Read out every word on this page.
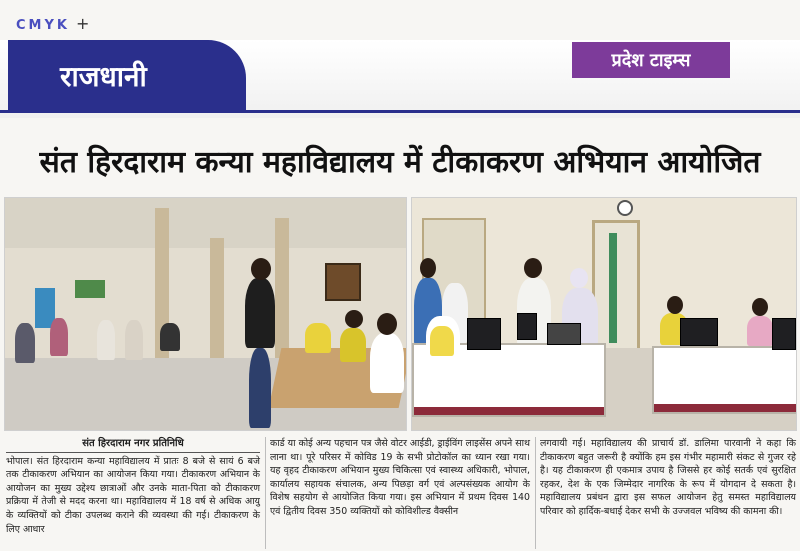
CMYK +
राजधानी	प्रदेश टाइम्स
संत हिरदाराम कन्या महाविद्यालय में टीकाकरण अभियान आयोजित
संत हिरदाराम नगर प्रतिनिधि
भोपाल। संत हिरदाराम कन्या महाविद्यालय में प्रातः 8 बजे से सायं 6 बजे तक टीकाकरण अभियान का आयोजन किया गया। टीकाकरण अभियान के आयोजन का मुख्य उद्देश्य छात्राओं और उनके माता-पिता को टीकाकरण प्रक्रिया में तेजी से मदद करना था। महाविद्यालय में 18 वर्ष से अधिक आयु के व्यक्तियों को टीका उपलब्ध कराने की व्यवस्था की गई। टीकाकरण के लिए आधार
कार्ड या कोई अन्य पहचान पत्र जैसे वोटर आईडी, ड्राईविंग लाइसेंस अपने साथ लाना था। पूरे परिसर में कोविड 19 के सभी प्रोटोकॉल का ध्यान रखा गया। यह वृहद टीकाकरण अभियान मुख्य चिकित्सा एवं स्वास्थ्य अधिकारी, भोपाल, कार्यालय सहायक संचालक, अन्य पिछड़ा वर्ग एवं अल्पसंख्यक आयोग के विशेष सहयोग से आयोजित किया गया। इस अभियान में प्रथम दिवस 140 एवं द्वितीय दिवस 350 व्यक्तियों को कोविशील्ड वैक्सीन
लगवायी गई। महाविद्यालय की प्राचार्य डॉ. डालिमा पारवानी ने कहा कि टीकाकरण बहुत जरूरी है क्योंकि हम इस गंभीर महामारी संकट से गुजर रहे है। यह टीकाकरण ही एकमात्र उपाय है जिससे हर कोई सतर्क एवं सुरक्षित रहकर, देश के एक जिम्मेदार नागरिक के रूप में योगदान दे सकता है। महाविद्यालय प्रबंधन द्वारा इस सफल आयोजन हेतु समस्त महाविद्यालय परिवार को हार्दिक-बधाई देकर सभी के उज्जवल भविष्य की कामना की।
